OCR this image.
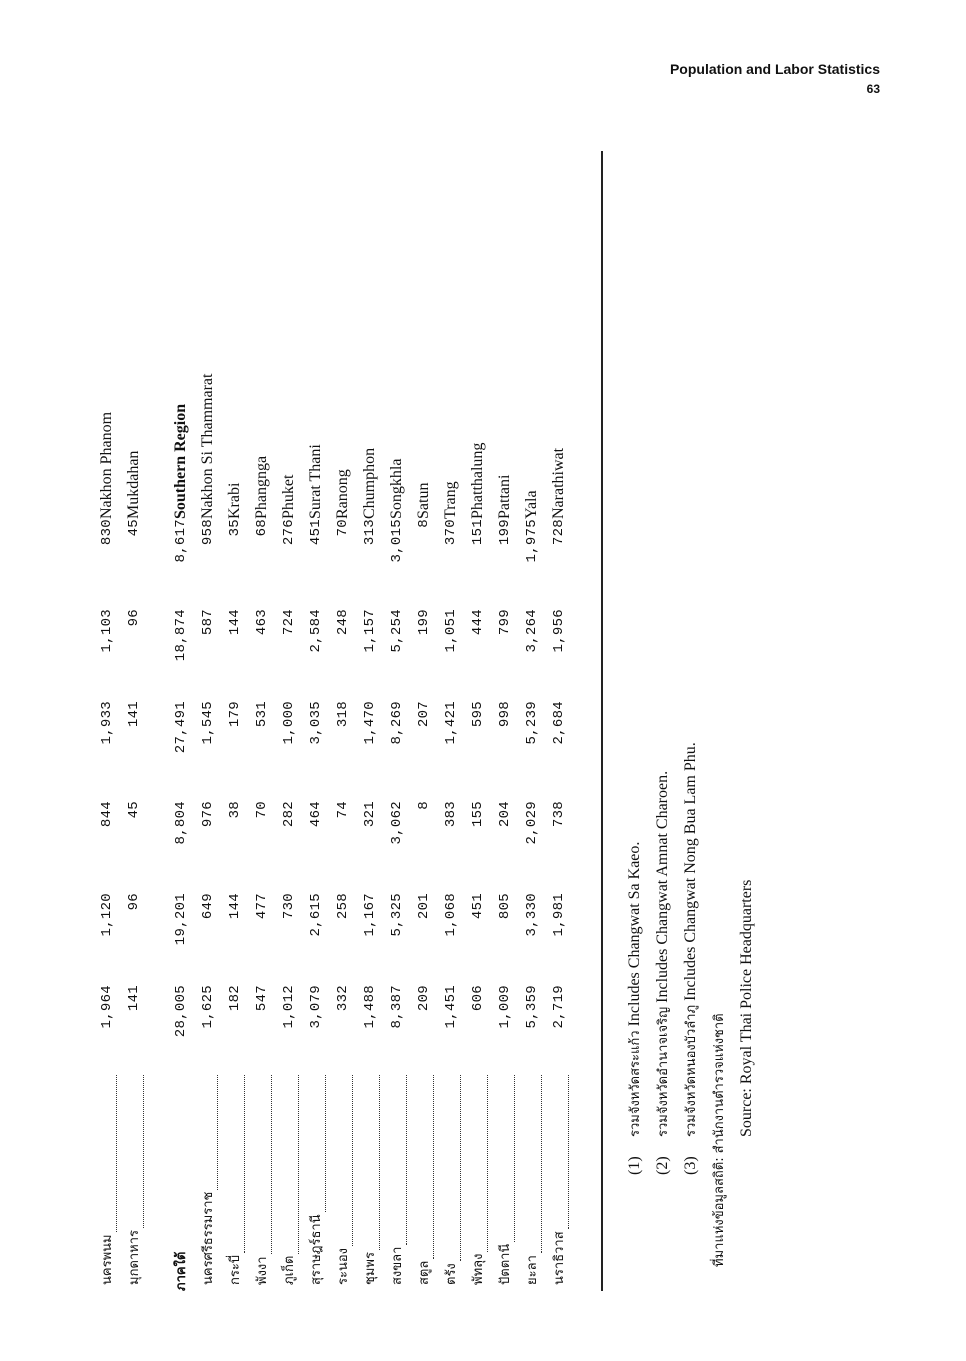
Population and Labor Statistics
63
นครพนม	1,964	1,120	844	1,933	1,103	830	Nakhon Phanom
มุกดาหาร	141	96	45	141	96	45	Mukdahan

ภาคใต้	28,005	19,201	8,804	27,491	18,874	8,617	Southern Region
นครศรีธรรมราช	1,625	649	976	1,545	587	958	Nakhon Si Thammarat
กระบี่	182	144	38	179	144	35	Krabi
พังงา	547	477	70	531	463	68	Phangnga
ภูเก็ต	1,012	730	282	1,000	724	276	Phuket
สุราษฎร์ธานี	3,079	2,615	464	3,035	2,584	451	Surat Thani
ระนอง	332	258	74	318	248	70	Ranong
ชุมพร	1,488	1,167	321	1,470	1,157	313	Chumphon
สงขลา	8,387	5,325	3,062	8,269	5,254	3,015	Songkhla
สตูล	209	201	8	207	199	8	Satun
ตรัง	1,451	1,068	383	1,421	1,051	370	Trang
พัทลุง	606	451	155	595	444	151	Phatthalung
ปัตตานี	1,009	805	204	998	799	199	Pattani
ยะลา	5,359	3,330	2,029	5,239	3,264	1,975	Yala
นราธิวาส	2,719	1,981	738	2,684	1,956	728	Narathiwat
(1) รวมจังหวัดสระแก้ว Includes Changwat Sa Kaeo.
(2) รวมจังหวัดอำนาจเจริญ Includes Changwat Amnat Charoen.
(3) รวมจังหวัดหนองบัวลำภู Includes Changwat Nong Bua Lam Phu.
ที่มาแห่งข้อมูลสถิติ: สำนักงานตำรวจแห่งชาติ Source: Royal Thai Police Headquarters
